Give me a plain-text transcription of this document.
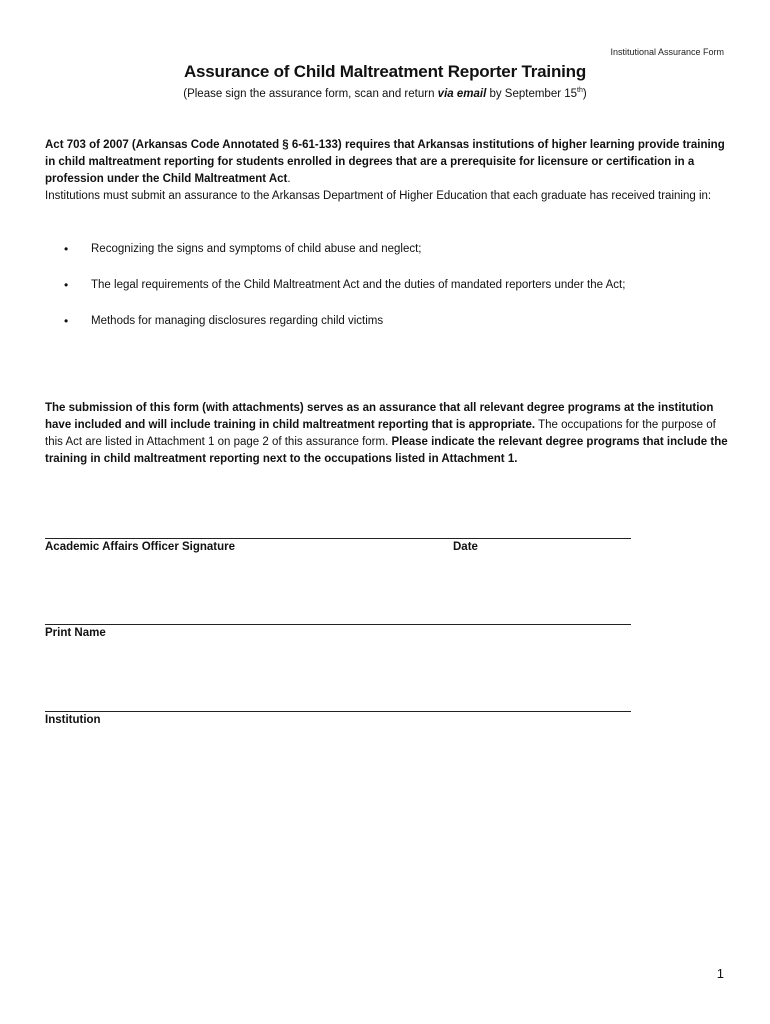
Institutional Assurance Form
Assurance of Child Maltreatment Reporter Training
(Please sign the assurance form, scan and return via email by September 15th)
Act 703 of 2007 (Arkansas Code Annotated § 6-61-133) requires that Arkansas institutions of higher learning provide training in child maltreatment reporting for students enrolled in degrees that are a prerequisite for licensure or certification in a profession under the Child Maltreatment Act.
Institutions must submit an assurance to the Arkansas Department of Higher Education that each graduate has received training in:
• Recognizing the signs and symptoms of child abuse and neglect;
• The legal requirements of the Child Maltreatment Act and the duties of mandated reporters under the Act;
• Methods for managing disclosures regarding child victims
The submission of this form (with attachments) serves as an assurance that all relevant degree programs at the institution have included and will include training in child maltreatment reporting that is appropriate. The occupations for the purpose of this Act are listed in Attachment 1 on page 2 of this assurance form. Please indicate the relevant degree programs that include the training in child maltreatment reporting next to the occupations listed in Attachment 1.
Academic Affairs Officer Signature	Date
Print Name
Institution
1
